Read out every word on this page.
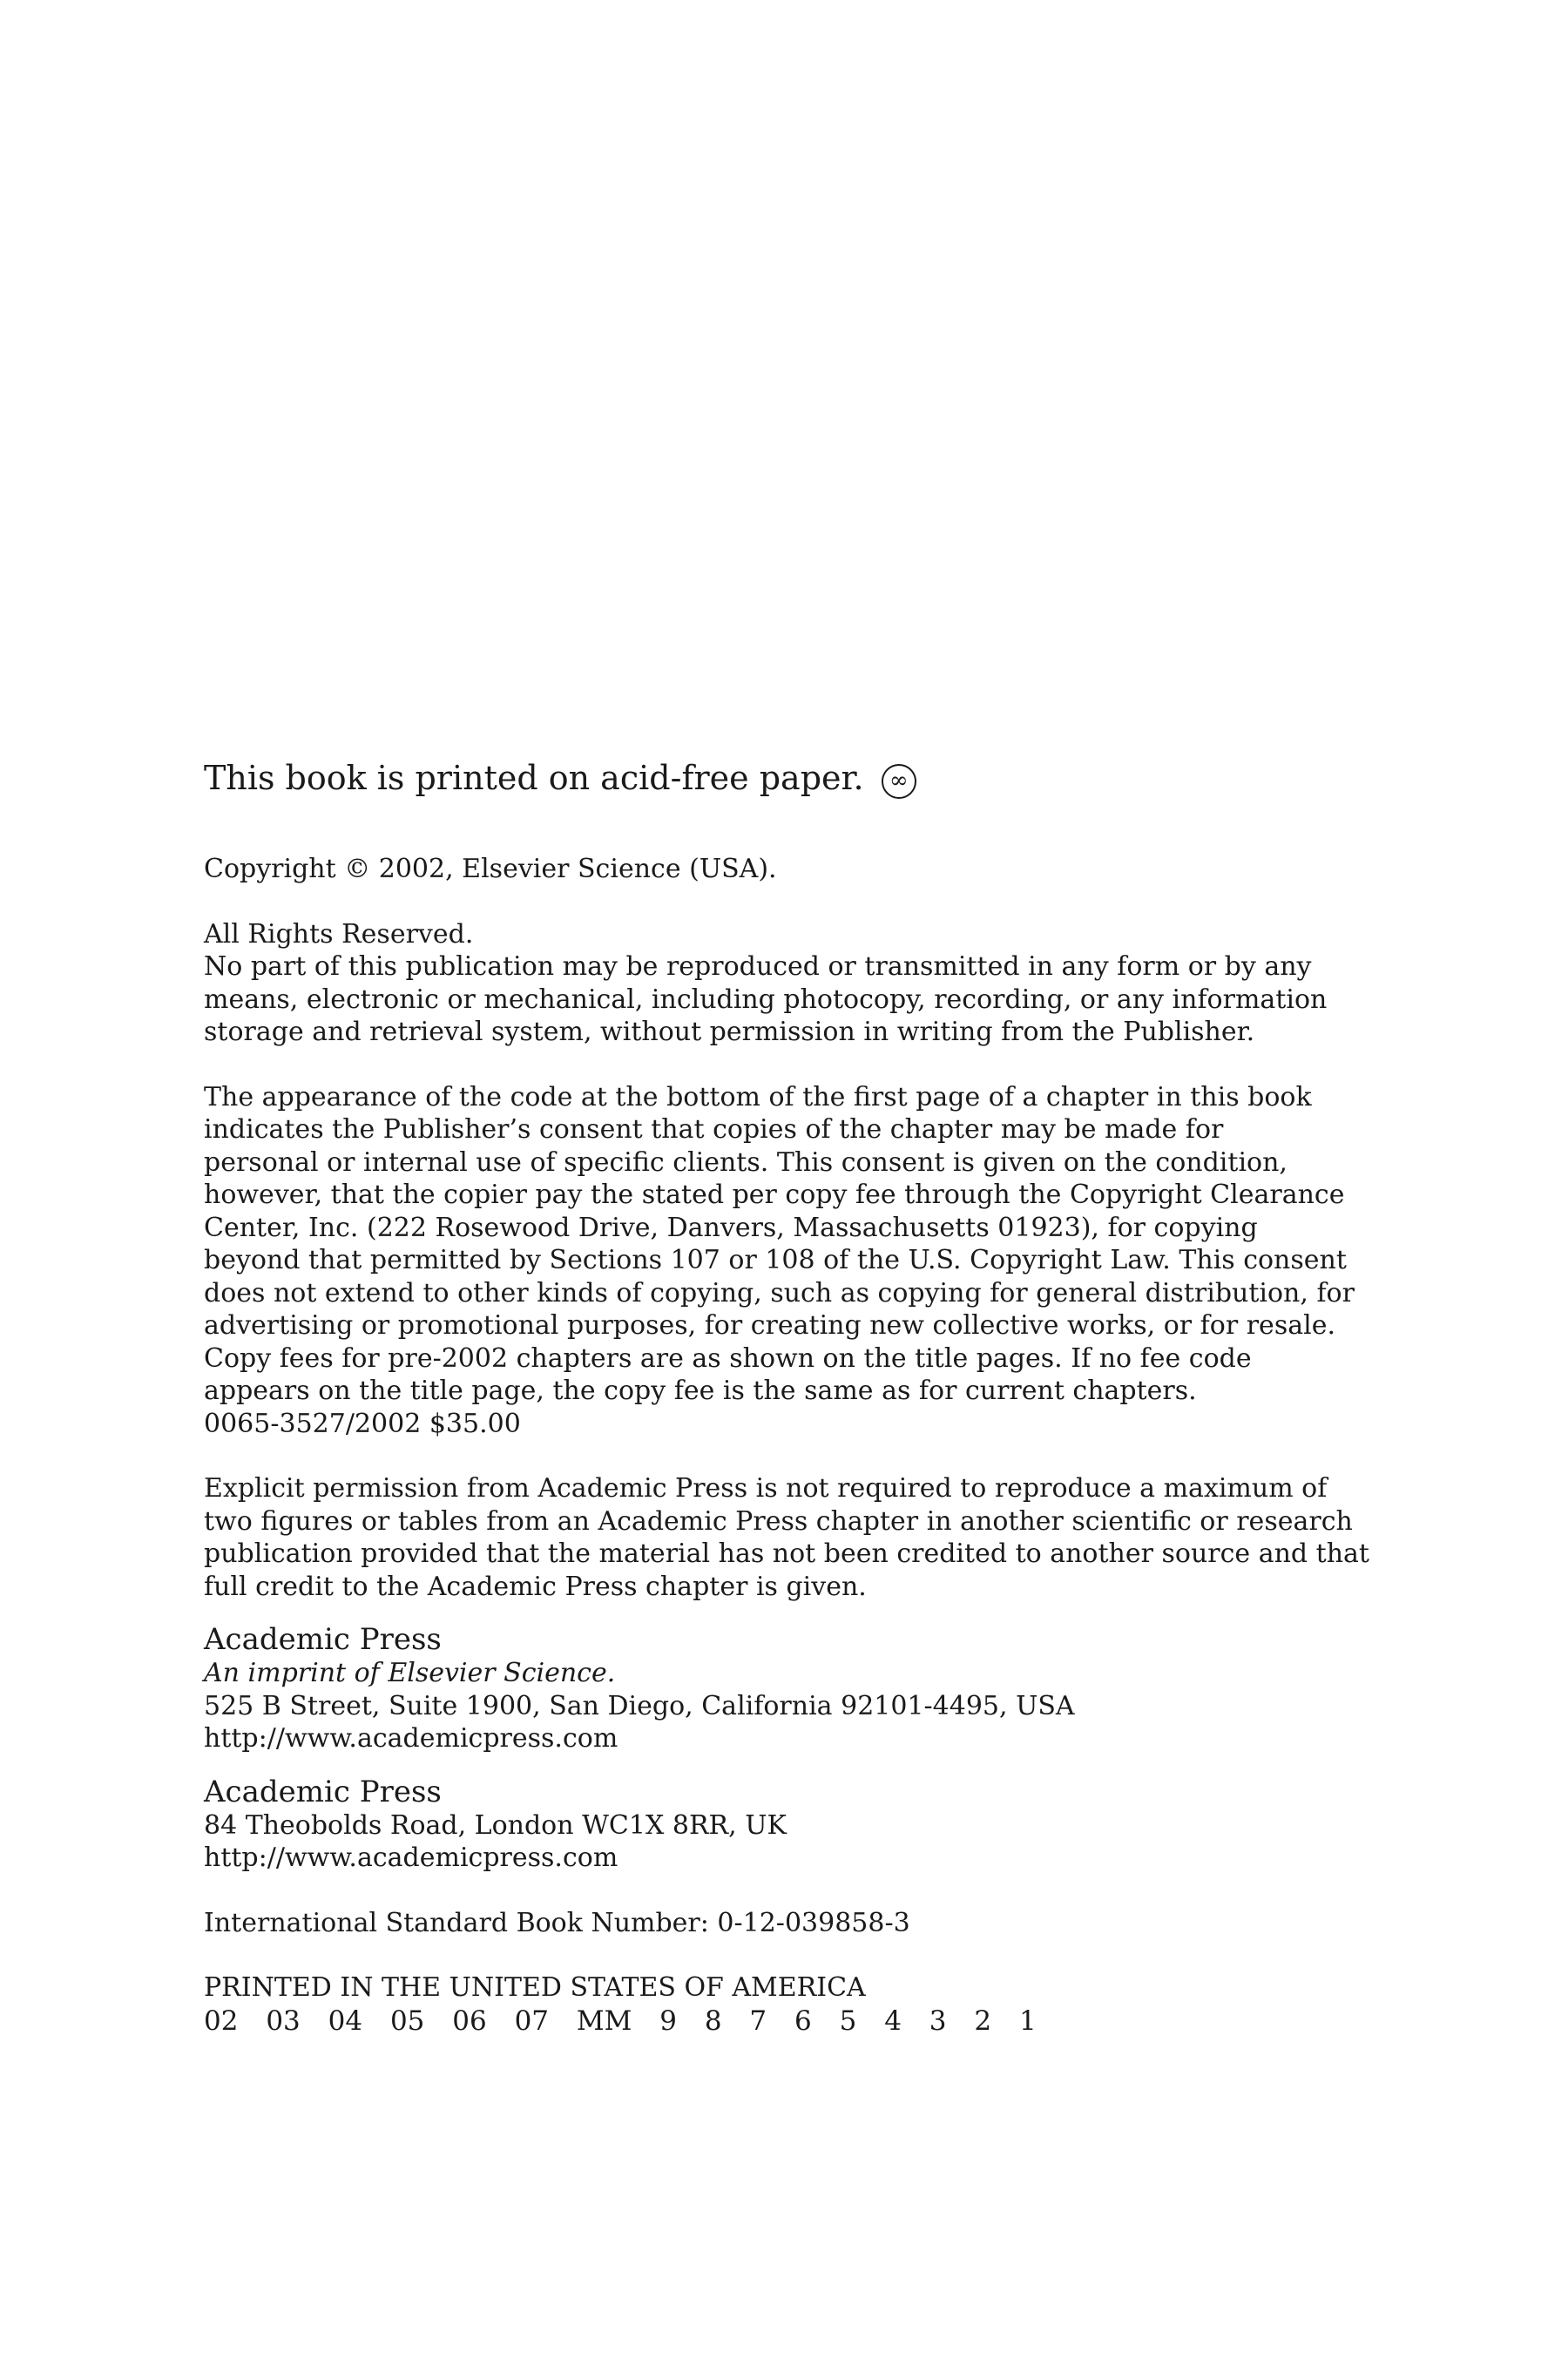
This book is printed on acid-free paper. ∞

Copyright © 2002, Elsevier Science (USA).

All Rights Reserved.

No part of this publication may be reproduced or transmitted in any form or by any

means, electronic or mechanical, including photocopy, recording, or any information

storage and retrieval system, without permission in writing from the Publisher.

The appearance of the code at the bottom of the first page of a chapter in this book

indicates the Publisher’s consent that copies of the chapter may be made for

personal or internal use of specific clients. This consent is given on the condition,

however, that the copier pay the stated per copy fee through the Copyright Clearance

Center, Inc. (222 Rosewood Drive, Danvers, Massachusetts 01923), for copying

beyond that permitted by Sections 107 or 108 of the U.S. Copyright Law. This consent

does not extend to other kinds of copying, such as copying for general distribution, for

advertising or promotional purposes, for creating new collective works, or for resale.

Copy fees for pre-2002 chapters are as shown on the title pages. If no fee code

appears on the title page, the copy fee is the same as for current chapters.

0065-3527/2002 $35.00

Explicit permission from Academic Press is not required to reproduce a maximum of

two figures or tables from an Academic Press chapter in another scientific or research

publication provided that the material has not been credited to another source and that

full credit to the Academic Press chapter is given.

Academic Press

An imprint of Elsevier Science.

525 B Street, Suite 1900, San Diego, California 92101-4495, USA

http://www.academicpress.com

Academic Press

84 Theobolds Road, London WC1X 8RR, UK

http://www.academicpress.com

International Standard Book Number: 0-12-039858-3

PRINTED IN THE UNITED STATES OF AMERICA

02 03 04 05 06 07 MM 9 8 7 6 5 4 3 2 1
